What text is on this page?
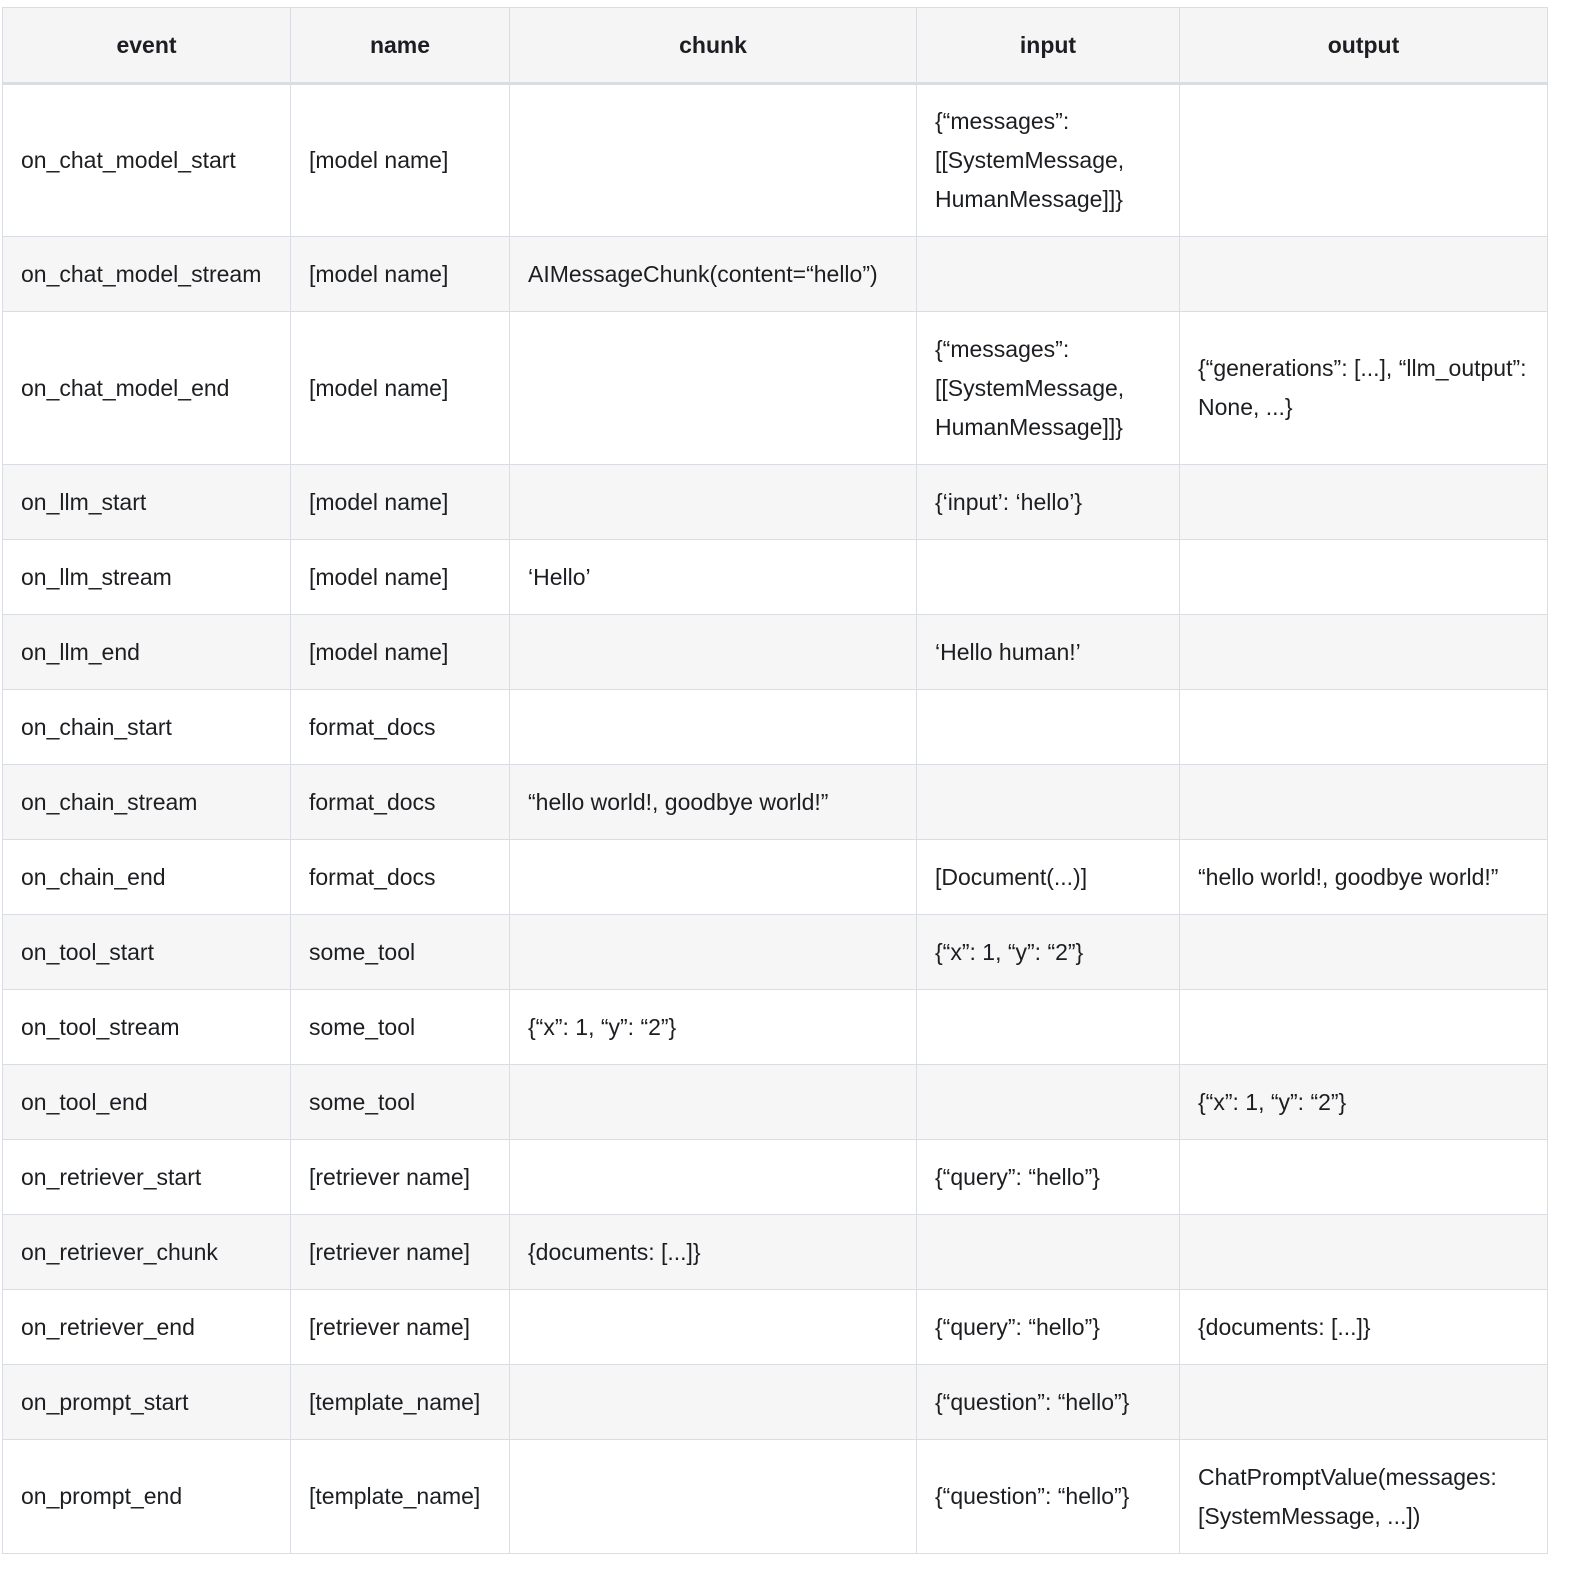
event	name	chunk	input	output
on_chat_model_start	[model name]		{“messages”: [[SystemMessage, HumanMessage]]}	
on_chat_model_stream	[model name]	AIMessageChunk(content=“hello”)		
on_chat_model_end	[model name]		{“messages”: [[SystemMessage, HumanMessage]]}	{“generations”: [...], “llm_output”: None, ...}
on_llm_start	[model name]		{‘input’: ‘hello’}	
on_llm_stream	[model name]	‘Hello’		
on_llm_end	[model name]		‘Hello human!’	
on_chain_start	format_docs			
on_chain_stream	format_docs	“hello world!, goodbye world!”		
on_chain_end	format_docs		[Document(...)]	“hello world!, goodbye world!”
on_tool_start	some_tool		{“x”: 1, “y”: “2”}	
on_tool_stream	some_tool	{“x”: 1, “y”: “2”}		
on_tool_end	some_tool			{“x”: 1, “y”: “2”}
on_retriever_start	[retriever name]		{“query”: “hello”}	
on_retriever_chunk	[retriever name]	{documents: [...]}		
on_retriever_end	[retriever name]		{“query”: “hello”}	{documents: [...]}
on_prompt_start	[template_name]		{“question”: “hello”}	
on_prompt_end	[template_name]		{“question”: “hello”}	ChatPromptValue(messages: [SystemMessage, ...])
